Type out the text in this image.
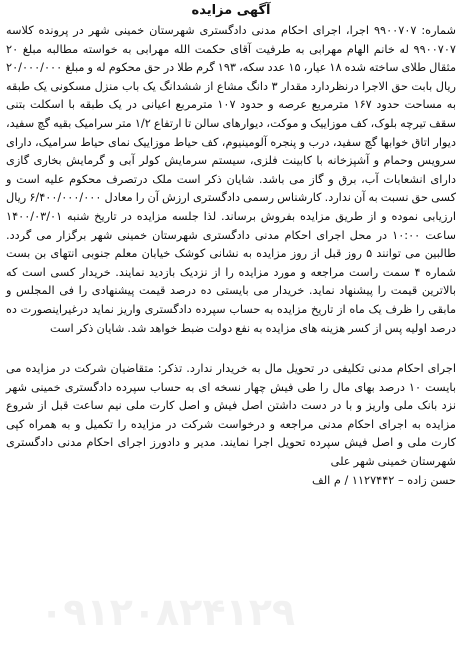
۰۹۱۲۰۸۲۴۱۲۹
آگهی مزایده

شماره: ۹۹۰۰۷۰۷ اجرا، اجرای احکام مدنی دادگستری شهرستان خمینی شهر در پرونده کلاسه ۹۹۰۰۷۰۷ له خانم الهام مهرابی به طرفیت آقای حکمت الله مهرابی به خواسته مطالبه مبلغ ۲۰ مثقال طلای ساخته شده ۱۸ عیار، ۱۵ عدد سکه، ۱۹۳ گرم طلا در حق محکوم له و مبلغ ۲۰/۰۰۰/۰۰۰ ریال بابت حق الاجرا درنظردارد مقدار ۳ دانگ مشاع از ششدانگ یک باب منزل مسکونی یک طبقه به مساحت حدود ۱۶۷ مترمربع عرصه و حدود ۱۰۷ مترمربع اعیانی در یک طبقه با اسکلت بتنی سقف تیرچه بلوک، کف موزاییک و موکت، دیوارهای سالن تا ارتفاع ۱/۲ متر سرامیک بقیه گچ سفید، دیوار اتاق خوابها گچ سفید، درب و پنجره آلومینیوم، کف حیاط موزاییک نمای حیاط سرامیک، دارای سرویس وحمام و آشپزخانه با کابینت فلزی، سیستم سرمایش کولر آبی و گرمایش بخاری گازی دارای انشعابات آب، برق و گاز می باشد. شایان ذکر است ملک درتصرف محکوم علیه است و کسی حق نسبت به آن ندارد. کارشناس رسمی دادگستری ارزش آن را معادل ۶/۴۰۰/۰۰۰/۰۰۰ ریال ارزیابی نموده و از طریق مزایده بفروش برساند. لذا جلسه مزایده در تاریخ شنبه ۱۴۰۰/۰۳/۰۱ ساعت ۱۰:۰۰ در محل اجرای احکام مدنی دادگستری شهرستان خمینی شهر برگزار می گردد. طالبین می توانند ۵ روز قبل از روز مزایده به نشانی کوشک خیابان معلم جنوبی انتهای بن بست شماره ۴ سمت راست مراجعه و مورد مزایده را از نزدیک بازدید نمایند. خریدار کسی است که بالاترین قیمت را پیشنهاد نماید. خریدار می بایستی ده درصد قیمت پیشنهادی را فی المجلس و مابقی را ظرف یک ماه از تاریخ مزایده به حساب سپرده دادگستری واریز نماید درغیراینصورت ده درصد اولیه پس از کسر هزینه های مزایده به نفع دولت ضبط خواهد شد. شایان ذکر است

اجرای احکام مدنی تکلیفی در تحویل مال به خریدار ندارد. تذکر: متقاضیان شرکت در مزایده می بایست ۱۰ درصد بهای مال را طی فیش چهار نسخه ای به حساب سپرده دادگستری خمینی شهر نزد بانک ملی واریز و با در دست داشتن اصل فیش و اصل کارت ملی نیم ساعت قبل از شروع مزایده به اجرای احکام مدنی مراجعه و درخواست شرکت در مزایده را تکمیل و به همراه کپی کارت ملی و اصل فیش سپرده تحویل اجرا نمایند. مدیر و دادورز اجرای احکام مدنی دادگستری شهرستان خمینی شهر علی

حسن زاده – ۱۱۲۷۴۴۲ / م الف
